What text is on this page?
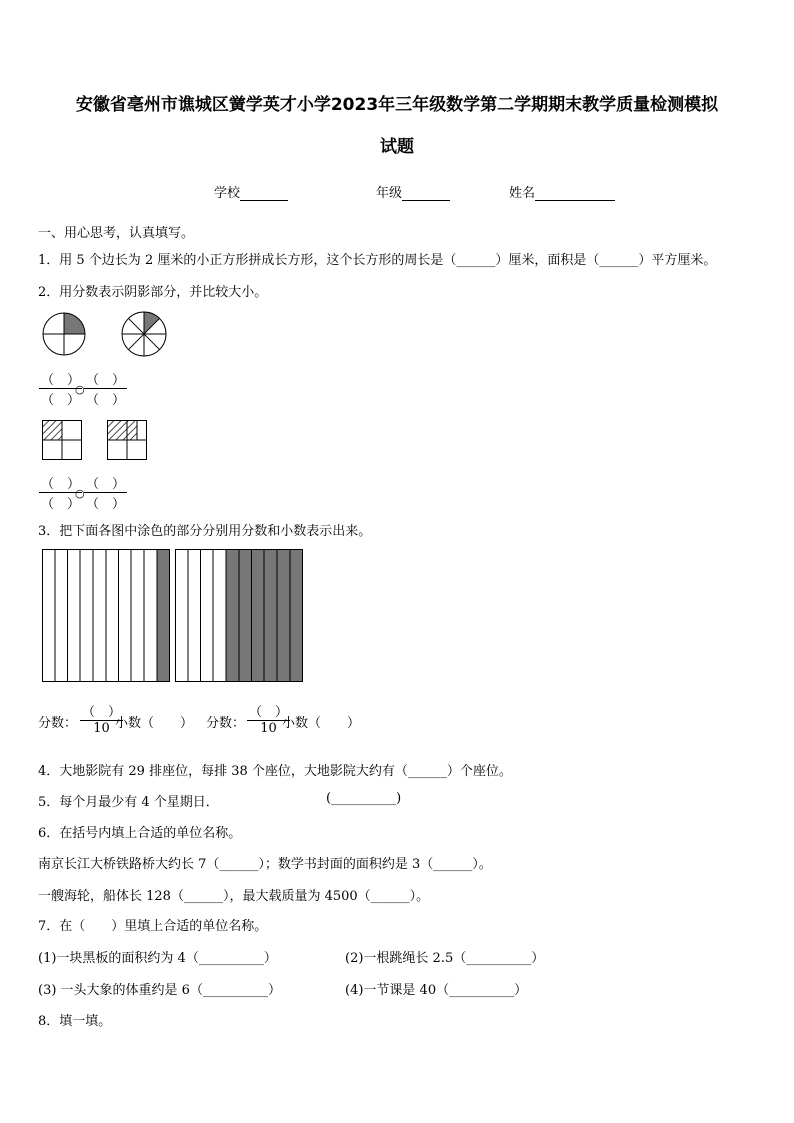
安徽省亳州市谯城区黉学英才小学2023年三年级数学第二学期期末教学质量检测模拟
试题
学校	年级	姓名
一、用心思考，认真填写。
1．用 5 个边长为 2 厘米的小正方形拼成长方形，这个长方形的周长是（______）厘米，面积是（______）平方厘米。
2．用分数表示阴影部分，并比较大小。
（　）
（　）
○
（　）
（　）
（　）
（　）
○
（　）
（　）
3．把下面各图中涂色的部分分别用分数和小数表示出来。
分数：
（　）
10 小数（　　） 分数：
（　）
10 小数（　　）
4．大地影院有 29 排座位，每排 38 个座位，大地影院大约有（______）个座位。
5．每个月最少有 4 个星期日．	(__________)
6．在括号内填上合适的单位名称。
南京长江大桥铁路桥大约长 7（______）；数学书封面的面积约是 3（______）。
一艘海轮，船体长 128（______），最大载质量为 4500（______）。
7．在（　　）里填上合适的单位名称。
(1)一块黑板的面积约为 4（__________）	(2)一根跳绳长 2.5（__________）
(3) 一头大象的体重约是 6（__________）	(4)一节课是 40（__________）
8．填一填。
